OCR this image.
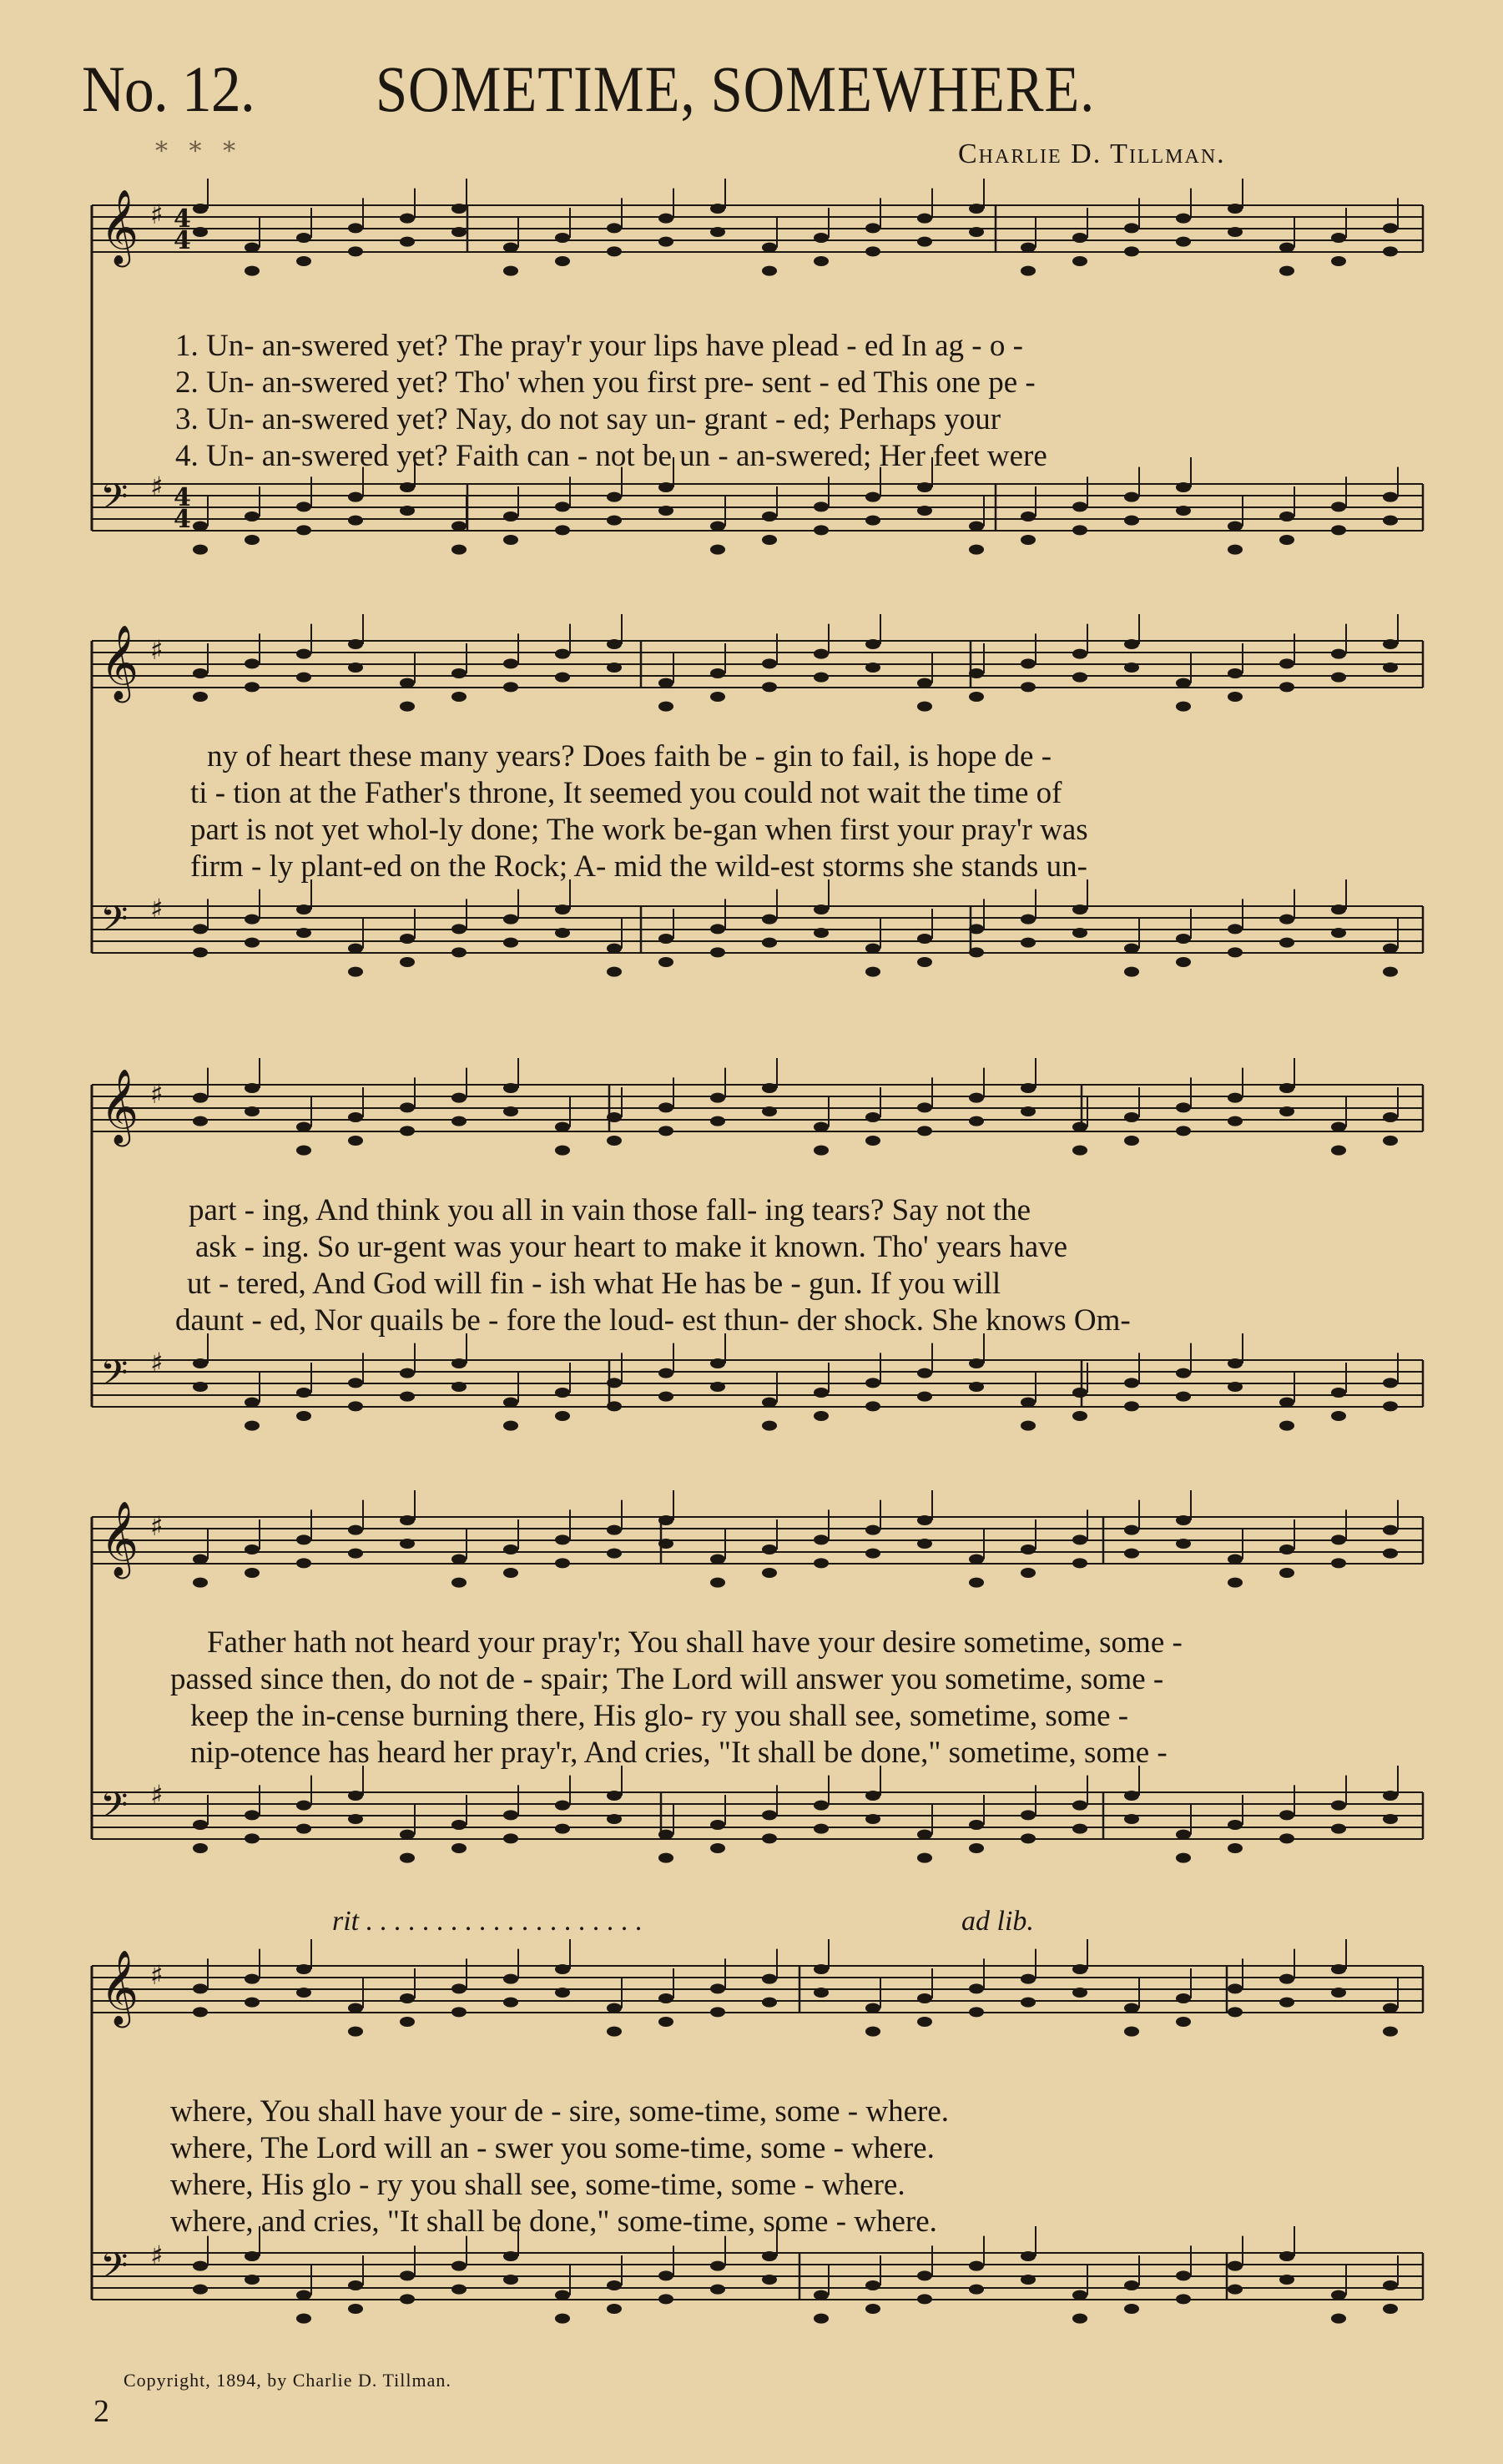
No. 12. SOMETIME, SOMEWHERE.
* * *	Charlie D. Tillman.
𝄞 ♯
𝄢 ♯
4
4
4
4
𝄞 ♯
𝄢 ♯
𝄞 ♯
𝄢 ♯
𝄞 ♯
𝄢 ♯
𝄞 ♯
𝄢 ♯
1. Un- an-swered yet? The pray'r your lips have plead - ed In ag - o -
2. Un- an-swered yet? Tho' when you first pre- sent - ed This one pe -
3. Un- an-swered yet? Nay, do not say un- grant - ed; Perhaps your
4. Un- an-swered yet? Faith can - not be un - an-swered; Her feet were
ny of heart these many years? Does faith be - gin to fail, is hope de -
ti - tion at the Father's throne, It seemed you could not wait the time of
part is not yet whol-ly done; The work be-gan when first your pray'r was
firm - ly plant-ed on the Rock; A- mid the wild-est storms she stands un-
part - ing, And think you all in vain those fall- ing tears? Say not the
ask - ing. So ur-gent was your heart to make it known. Tho' years have
ut - tered, And God will fin - ish what He has be - gun. If you will
daunt - ed, Nor quails be - fore the loud- est thun- der shock. She knows Om-
Father hath not heard your pray'r; You shall have your desire sometime, some -
passed since then, do not de - spair; The Lord will answer you sometime, some -
keep the in-cense burning there, His glo- ry you shall see, sometime, some -
nip-otence has heard her pray'r, And cries, "It shall be done," sometime, some -
rit . . . . . . . . . . . . . . . . . . . .	ad lib.
where, You shall have your de - sire, some-time, some - where.
where, The Lord will an - swer you some-time, some - where.
where, His glo - ry you shall see, some-time, some - where.
where, and cries, "It shall be done," some-time, some - where.
Copyright, 1894, by Charlie D. Tillman.
2
